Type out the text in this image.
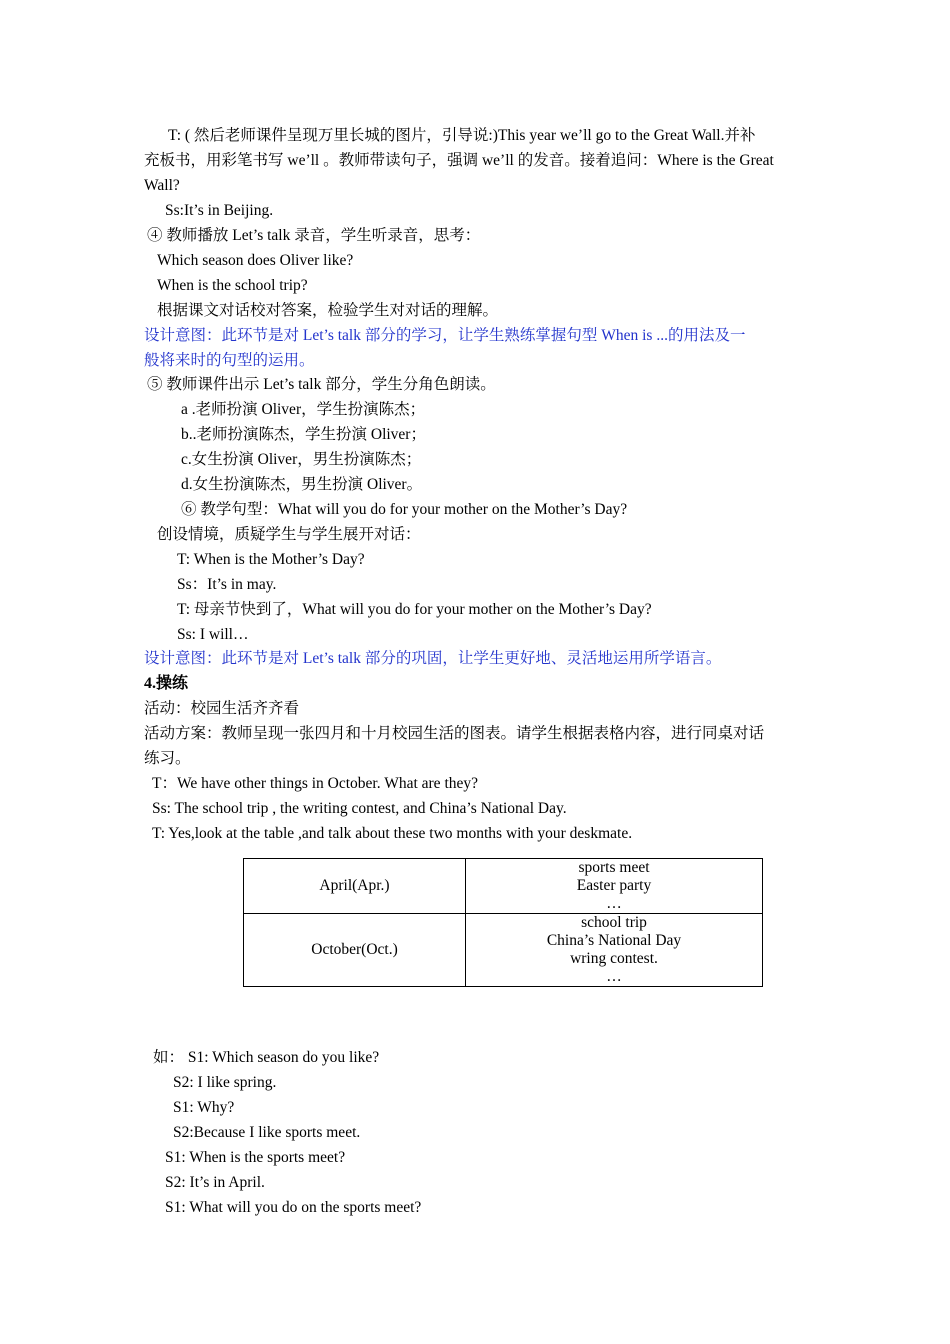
T: ( 然后老师课件呈现万里长城的图片，引导说:)This year we’ll go to the Great Wall.并补
充板书，用彩笔书写 we’ll 。教师带读句子，强调 we’ll 的发音。接着追问：Where is the Great
Wall?
Ss:It’s in Beijing.
④ 教师播放 Let’s talk 录音，学生听录音，思考：
Which season does Oliver like?
When is the school trip?
根据课文对话校对答案，检验学生对对话的理解。
设计意图：此环节是对 Let’s talk 部分的学习，让学生熟练掌握句型 When is ...的用法及一
般将来时的句型的运用。
⑤ 教师课件出示 Let’s talk 部分，学生分角色朗读。
a .老师扮演 Oliver，学生扮演陈杰；
b..老师扮演陈杰，学生扮演 Oliver；
c.女生扮演 Oliver，男生扮演陈杰；
d.女生扮演陈杰，男生扮演 Oliver。
⑥ 教学句型：What will you do for your mother on the Mother’s Day?
创设情境，质疑学生与学生展开对话：
T: When is the Mother’s Day?
Ss：It’s in may.
T: 母亲节快到了，What will you do for your mother on the Mother’s Day?
Ss: I will…
设计意图：此环节是对 Let’s talk 部分的巩固，让学生更好地、灵活地运用所学语言。
4.操练
活动：校园生活齐齐看
活动方案：教师呈现一张四月和十月校园生活的图表。请学生根据表格内容，进行同桌对话
练习。
T：We have other things in October. What are they?
Ss: The school trip , the writing contest, and China’s National Day.
T: Yes,look at the table ,and talk about these two months with your deskmate.
April(Apr.)	sports meet
Easter party
…

October(Oct.)	school trip
China’s National Day
wring contest.
…
如： S1: Which season do you like?
S2: I like spring.
S1: Why?
S2:Because I like sports meet.
S1: When is the sports meet?
S2: It’s in April.
S1: What will you do on the sports meet?
